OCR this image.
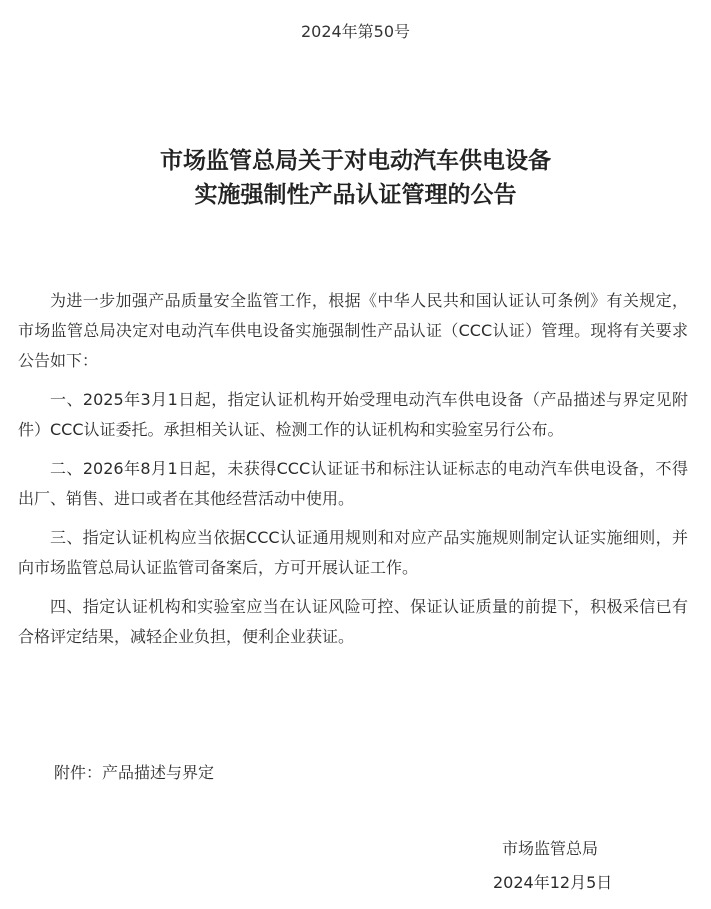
2024年第50号
市场监管总局关于对电动汽车供电设备
实施强制性产品认证管理的公告

为进一步加强产品质量安全监管工作，根据《中华人民共和国认证认可条例》有关规定，市场监管总局决定对电动汽车供电设备实施强制性产品认证（CCC认证）管理。现将有关要求公告如下：

一、2025年3月1日起，指定认证机构开始受理电动汽车供电设备（产品描述与界定见附件）CCC认证委托。承担相关认证、检测工作的认证机构和实验室另行公布。

二、2026年8月1日起，未获得CCC认证证书和标注认证标志的电动汽车供电设备，不得出厂、销售、进口或者在其他经营活动中使用。

三、指定认证机构应当依据CCC认证通用规则和对应产品实施规则制定认证实施细则，并向市场监管总局认证监管司备案后，方可开展认证工作。

四、指定认证机构和实验室应当在认证风险可控、保证认证质量的前提下，积极采信已有合格评定结果，减轻企业负担，便利企业获证。

附件：产品描述与界定
市场监管总局
2024年12月5日
